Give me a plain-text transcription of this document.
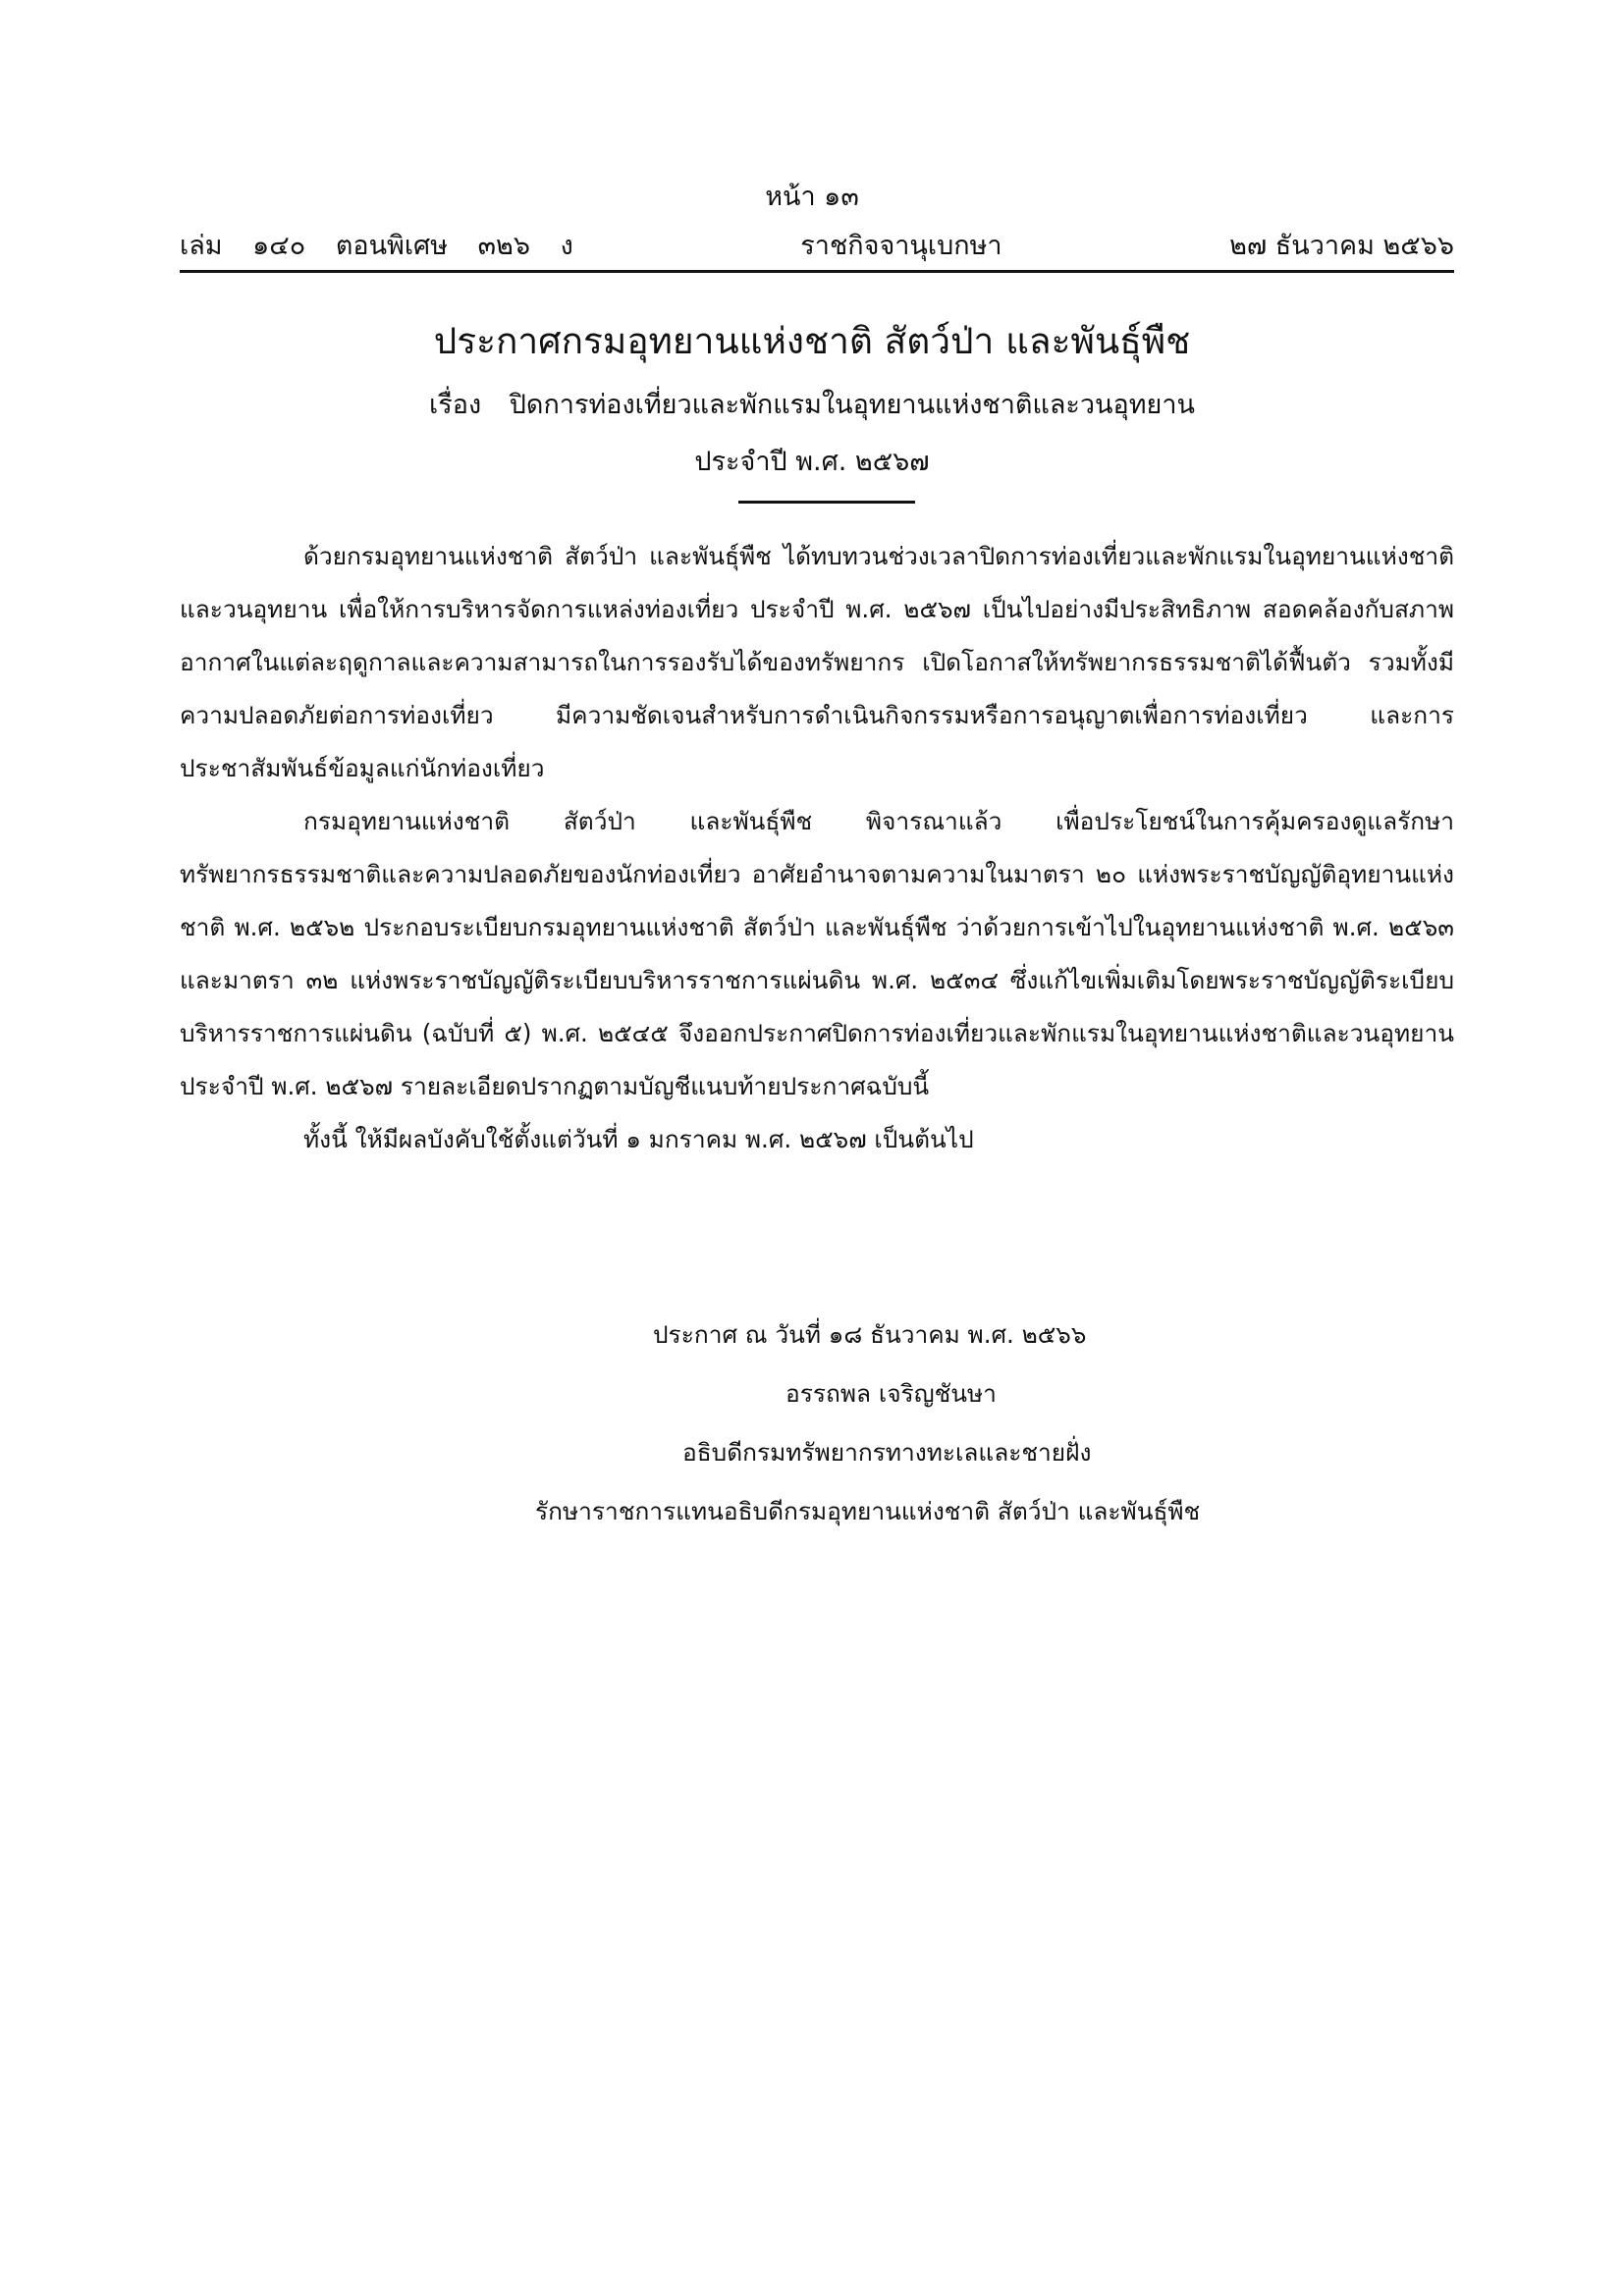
หน้า ๑๓
เล่ม ๑๔๐ ตอนพิเศษ ๓๒๖ ง	ราชกิจจานุเบกษา	๒๗ ธันวาคม ๒๕๖๖
ประกาศกรมอุทยานแห่งชาติ สัตว์ป่า และพันธุ์พืช
เรื่อง ปิดการท่องเที่ยวและพักแรมในอุทยานแห่งชาติและวนอุทยาน
ประจำปี พ.ศ. ๒๕๖๗

ด้วยกรมอุทยานแห่งชาติ สัตว์ป่า และพันธุ์พืช ได้ทบทวนช่วงเวลาปิดการท่องเที่ยวและพักแรมในอุทยานแห่งชาติและวนอุทยาน เพื่อให้การบริหารจัดการแหล่งท่องเที่ยว ประจำปี พ.ศ. ๒๕๖๗ เป็นไปอย่างมีประสิทธิภาพ สอดคล้องกับสภาพอากาศในแต่ละฤดูกาลและความสามารถในการรองรับได้ของทรัพยากร เปิดโอกาสให้ทรัพยากรธรรมชาติได้ฟื้นตัว รวมทั้งมีความปลอดภัยต่อการท่องเที่ยว มีความชัดเจนสำหรับการดำเนินกิจกรรมหรือการอนุญาตเพื่อการท่องเที่ยว และการประชาสัมพันธ์ข้อมูลแก่นักท่องเที่ยว

กรมอุทยานแห่งชาติ สัตว์ป่า และพันธุ์พืช พิจารณาแล้ว เพื่อประโยชน์ในการคุ้มครองดูแลรักษาทรัพยากรธรรมชาติและความปลอดภัยของนักท่องเที่ยว อาศัยอำนาจตามความในมาตรา ๒๐ แห่งพระราชบัญญัติอุทยานแห่งชาติ พ.ศ. ๒๕๖๒ ประกอบระเบียบกรมอุทยานแห่งชาติ สัตว์ป่า และพันธุ์พืช ว่าด้วยการเข้าไปในอุทยานแห่งชาติ พ.ศ. ๒๕๖๓ และมาตรา ๓๒ แห่งพระราชบัญญัติระเบียบบริหารราชการแผ่นดิน พ.ศ. ๒๕๓๔ ซึ่งแก้ไขเพิ่มเติมโดยพระราชบัญญัติระเบียบบริหารราชการแผ่นดิน (ฉบับที่ ๕) พ.ศ. ๒๕๔๕ จึงออกประกาศปิดการท่องเที่ยวและพักแรมในอุทยานแห่งชาติและวนอุทยาน ประจำปี พ.ศ. ๒๕๖๗ รายละเอียดปรากฏตามบัญชีแนบท้ายประกาศฉบับนี้

ทั้งนี้ ให้มีผลบังคับใช้ตั้งแต่วันที่ ๑ มกราคม พ.ศ. ๒๕๖๗ เป็นต้นไป

ประกาศ ณ วันที่ ๑๘ ธันวาคม พ.ศ. ๒๕๖๖
อรรถพล เจริญชันษา
อธิบดีกรมทรัพยากรทางทะเลและชายฝั่ง
รักษาราชการแทนอธิบดีกรมอุทยานแห่งชาติ สัตว์ป่า และพันธุ์พืช
